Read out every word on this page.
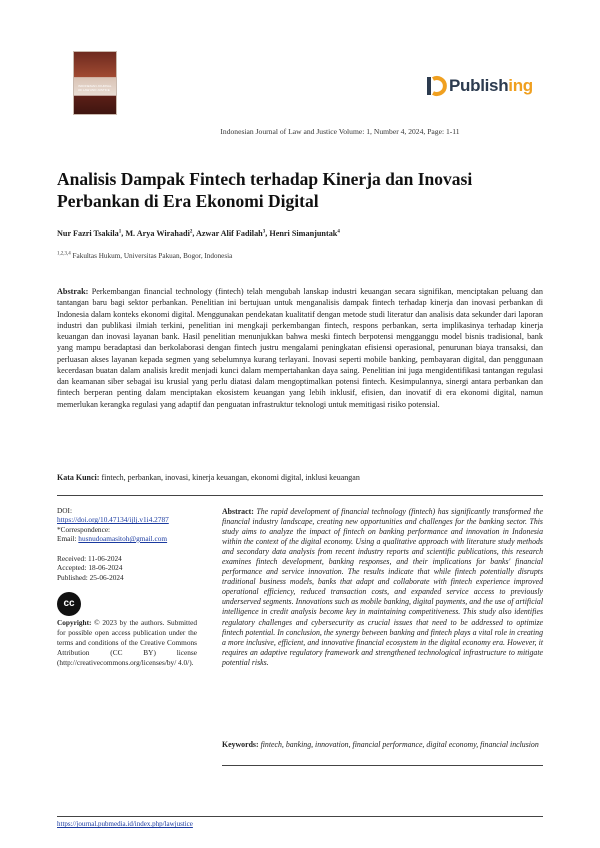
INDONESIAN JOURNAL OF LAW AND JUSTICE	Publishing
Indonesian Journal of Law and Justice Volume: 1, Number 4, 2024, Page: 1-11
Analisis Dampak Fintech terhadap Kinerja dan Inovasi Perbankan di Era Ekonomi Digital
Nur Fazri Tsakila$^1$, M. Arya Wirahadi$^2$, Azwar Alif Fadilah$^3$, Henri Simanjuntak$^4$
$^{1,2,3,4}$ Fakultas Hukum, Universitas Pakuan, Bogor, Indonesia
Abstrak: Perkembangan financial technology (fintech) telah mengubah lanskap industri keuangan secara signifikan, menciptakan peluang dan tantangan baru bagi sektor perbankan. Penelitian ini bertujuan untuk menganalisis dampak fintech terhadap kinerja dan inovasi perbankan di Indonesia dalam konteks ekonomi digital. Menggunakan pendekatan kualitatif dengan metode studi literatur dan analisis data sekunder dari laporan industri dan publikasi ilmiah terkini, penelitian ini mengkaji perkembangan fintech, respons perbankan, serta implikasinya terhadap kinerja keuangan dan inovasi layanan bank. Hasil penelitian menunjukkan bahwa meski fintech berpotensi mengganggu model bisnis tradisional, bank yang mampu beradaptasi dan berkolaborasi dengan fintech justru mengalami peningkatan efisiensi operasional, penurunan biaya transaksi, dan perluasan akses layanan kepada segmen yang sebelumnya kurang terlayani. Inovasi seperti mobile banking, pembayaran digital, dan penggunaan kecerdasan buatan dalam analisis kredit menjadi kunci dalam mempertahankan daya saing. Penelitian ini juga mengidentifikasi tantangan regulasi dan keamanan siber sebagai isu krusial yang perlu diatasi dalam mengoptimalkan potensi fintech. Kesimpulannya, sinergi antara perbankan dan fintech berperan penting dalam menciptakan ekosistem keuangan yang lebih inklusif, efisien, dan inovatif di era ekonomi digital, namun memerlukan kerangka regulasi yang adaptif dan penguatan infrastruktur teknologi untuk memitigasi risiko potensial.
Kata Kunci: fintech, perbankan, inovasi, kinerja keuangan, ekonomi digital, inklusi keuangan
DOI:
https://doi.org/10.47134/ijlj.v1i4.2787
*Correspondence:
Email: husnudoamasitoh@gmail.com
Received: 11-06-2024
Accepted: 18-06-2024
Published: 25-06-2024
cc
Copyright: © 2023 by the authors. Submitted for possible open access publication under the terms and conditions of the Creative Commons Attribution (CC BY) license (http://creativecommons.org/licenses/by/ 4.0/).
Abstract: The rapid development of financial technology (fintech) has significantly transformed the financial industry landscape, creating new opportunities and challenges for the banking sector. This study aims to analyze the impact of fintech on banking performance and innovation in Indonesia within the context of the digital economy. Using a qualitative approach with literature study methods and secondary data analysis from recent industry reports and scientific publications, this research examines fintech development, banking responses, and their implications for banks' financial performance and service innovation. The results indicate that while fintech potentially disrupts traditional business models, banks that adapt and collaborate with fintech experience improved operational efficiency, reduced transaction costs, and expanded service access to previously underserved segments. Innovations such as mobile banking, digital payments, and the use of artificial intelligence in credit analysis become key in maintaining competitiveness. This study also identifies regulatory challenges and cybersecurity as crucial issues that need to be addressed to optimize fintech potential. In conclusion, the synergy between banking and fintech plays a vital role in creating a more inclusive, efficient, and innovative financial ecosystem in the digital economy era. However, it requires an adaptive regulatory framework and strengthened technological infrastructure to mitigate potential risks.
Keywords: fintech, banking, innovation, financial performance, digital economy, financial inclusion
https://journal.pubmedia.id/index.php/lawjustice
